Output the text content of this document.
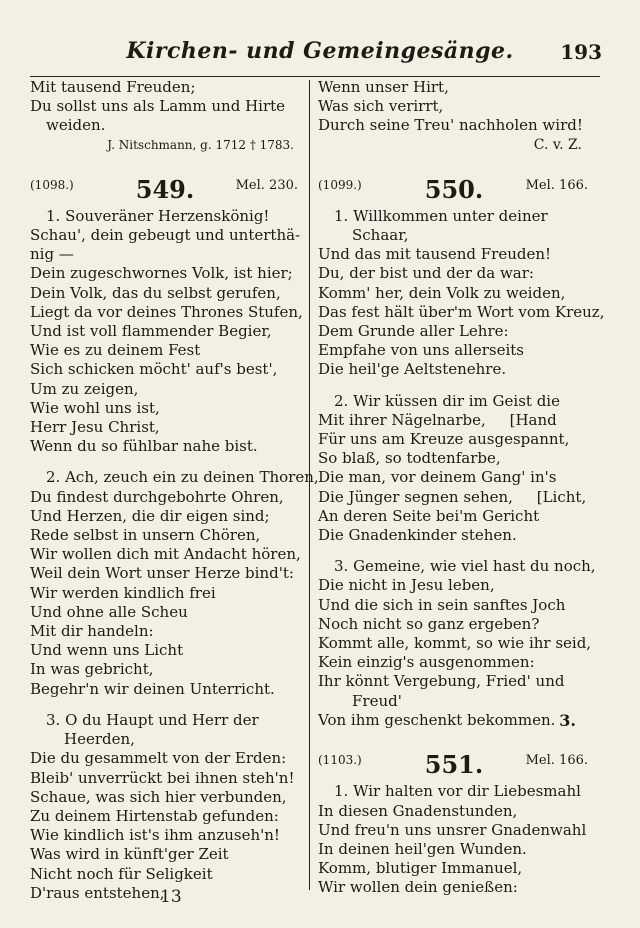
Kirchen- und Gemeingesänge.	193
Mit tausend Freuden;
Du sollst uns als Lamm und Hirte
weiden.
J. Nitschmann, g. 1712 † 1783.
(1098.)	549.	Mel. 230.
1. Souveräner Herzenskönig!
Schau', dein gebeugt und unterthä-
nig —
Dein zugeschwornes Volk, ist hier;
Dein Volk, das du selbst gerufen,
Liegt da vor deines Thrones Stufen,
Und ist voll flammender Begier,
Wie es zu deinem Fest
Sich schicken möcht' auf's best',
Um zu zeigen,
Wie wohl uns ist,
Herr Jesu Christ,
Wenn du so fühlbar nahe bist.
2. Ach, zeuch ein zu deinen Thoren,
Du findest durchgebohrte Ohren,
Und Herzen, die dir eigen sind;
Rede selbst in unsern Chören,
Wir wollen dich mit Andacht hören,
Weil dein Wort unser Herze bind't:
Wir werden kindlich frei
Und ohne alle Scheu
Mit dir handeln:
Und wenn uns Licht
In was gebricht,
Begehr'n wir deinen Unterricht.
3. O du Haupt und Herr der
Heerden,
Die du gesammelt von der Erden:
Bleib' unverrückt bei ihnen steh'n!
Schaue, was sich hier verbunden,
Zu deinem Hirtenstab gefunden:
Wie kindlich ist's ihm anzuseh'n!
Was wird in künft'ger Zeit
Nicht noch für Seligkeit
D'raus entstehen,
Wenn unser Hirt,
Was sich verirrt,
Durch seine Treu' nachholen wird!
C. v. Z.
(1099.)	550.	Mel. 166.
1. Willkommen unter deiner
Schaar,
Und das mit tausend Freuden!
Du, der bist und der da war:
Komm' her, dein Volk zu weiden,
Das fest hält über'm Wort vom Kreuz,
Dem Grunde aller Lehre:
Empfahe von uns allerseits
Die heil'ge Aeltstenehre.
2. Wir küssen dir im Geist die
Mit ihrer Nägelnarbe,     [Hand
Für uns am Kreuze ausgespannt,
So blaß, so todtenfarbe,
Die man, vor deinem Gang' in's
Die Jünger segnen sehen,     [Licht,
An deren Seite bei'm Gericht
Die Gnadenkinder stehen.
3. Gemeine, wie viel hast du noch,
Die nicht in Jesu leben,
Und die sich in sein sanftes Joch
Noch nicht so ganz ergeben?
Kommt alle, kommt, so wie ihr seid,
Kein einzig's ausgenommen:
Ihr könnt Vergebung, Fried' und
Freud'
Von ihm geschenkt bekommen. 3.
(1103.)	551.	Mel. 166.
1. Wir halten vor dir Liebesmahl
In diesen Gnadenstunden,
Und freu'n uns unsrer Gnadenwahl
In deinen heil'gen Wunden.
Komm, blutiger Immanuel,
Wir wollen dein genießen:
13
